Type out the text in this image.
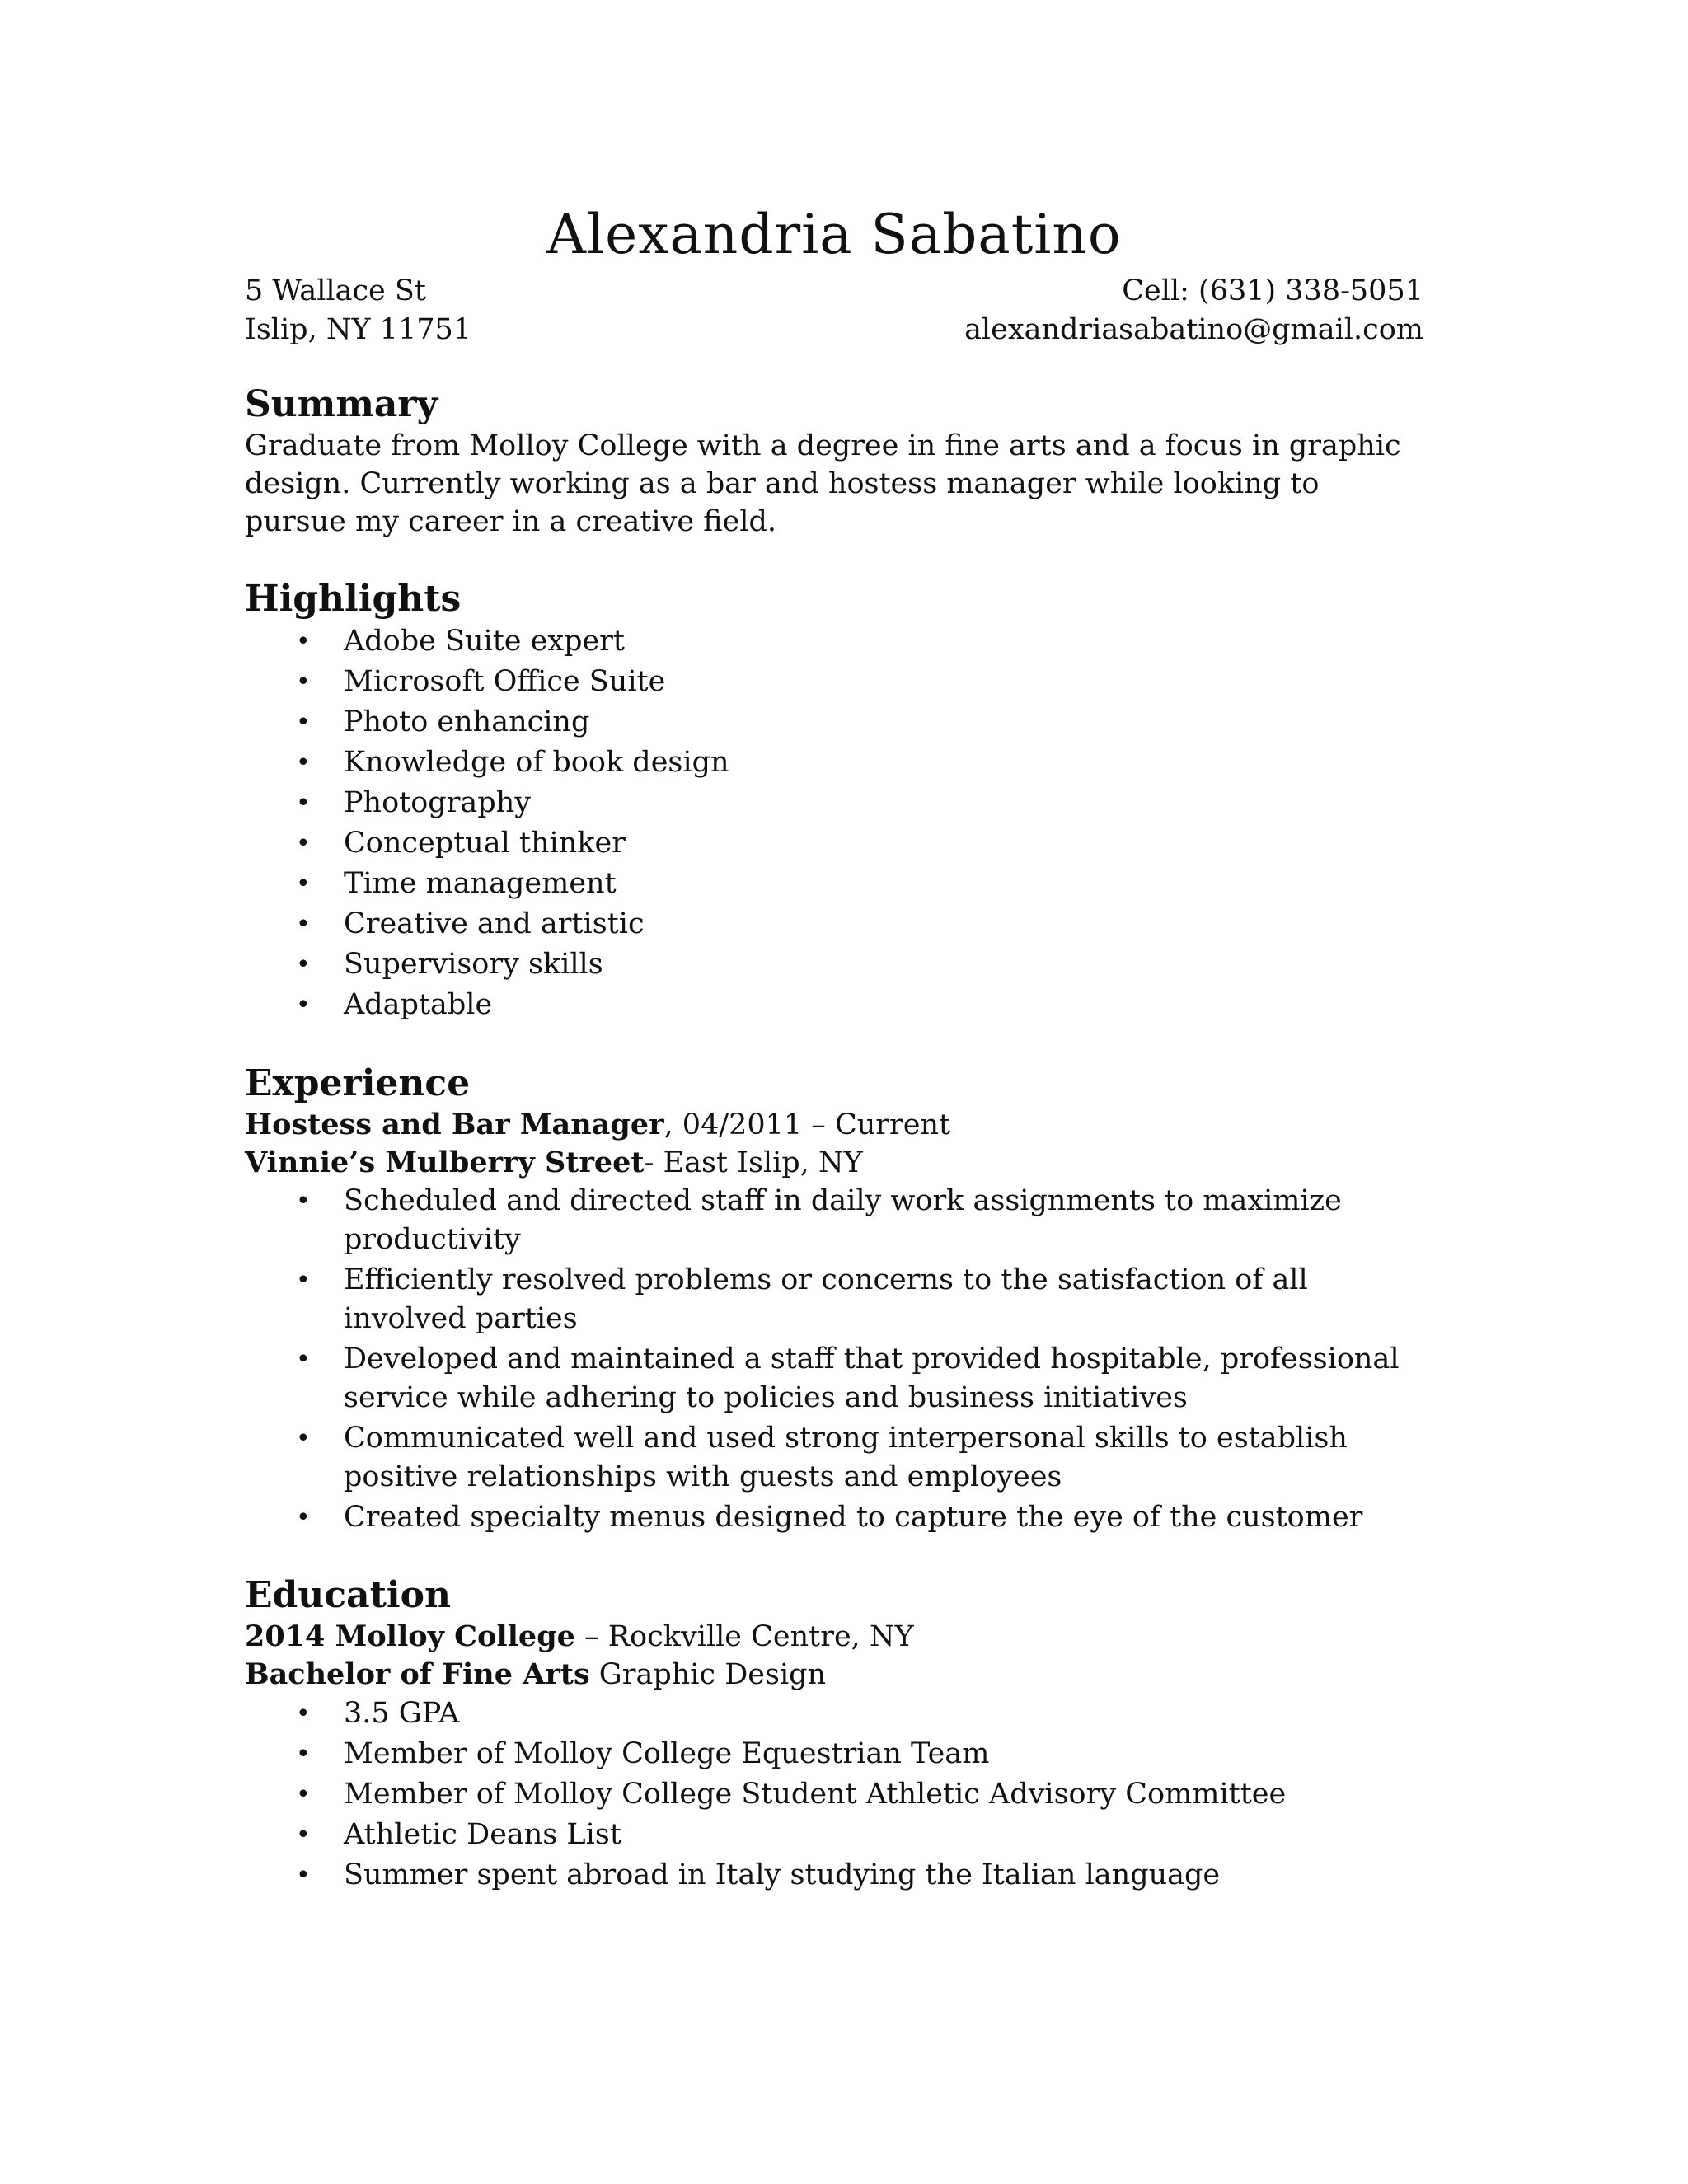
Alexandria Sabatino
5 Wallace St	Cell: (631) 338-5051
Islip, NY 11751	alexandriasabatino@gmail.com
Summary

Graduate from Molloy College with a degree in fine arts and a focus in graphic design. Currently working as a bar and hostess manager while looking to pursue my career in a creative field.

Highlights
• Adobe Suite expert
• Microsoft Office Suite
• Photo enhancing
• Knowledge of book design
• Photography
• Conceptual thinker
• Time management
• Creative and artistic
• Supervisory skills
• Adaptable
Experience
Hostess and Bar Manager, 04/2011 – Current
Vinnie’s Mulberry Street- East Islip, NY
• Scheduled and directed staff in daily work assignments to maximize productivity
• Efficiently resolved problems or concerns to the satisfaction of all involved parties
• Developed and maintained a staff that provided hospitable, professional service while adhering to policies and business initiatives
• Communicated well and used strong interpersonal skills to establish positive relationships with guests and employees
• Created specialty menus designed to capture the eye of the customer
Education
2014 Molloy College – Rockville Centre, NY
Bachelor of Fine Arts Graphic Design
• 3.5 GPA
• Member of Molloy College Equestrian Team
• Member of Molloy College Student Athletic Advisory Committee
• Athletic Deans List
• Summer spent abroad in Italy studying the Italian language
